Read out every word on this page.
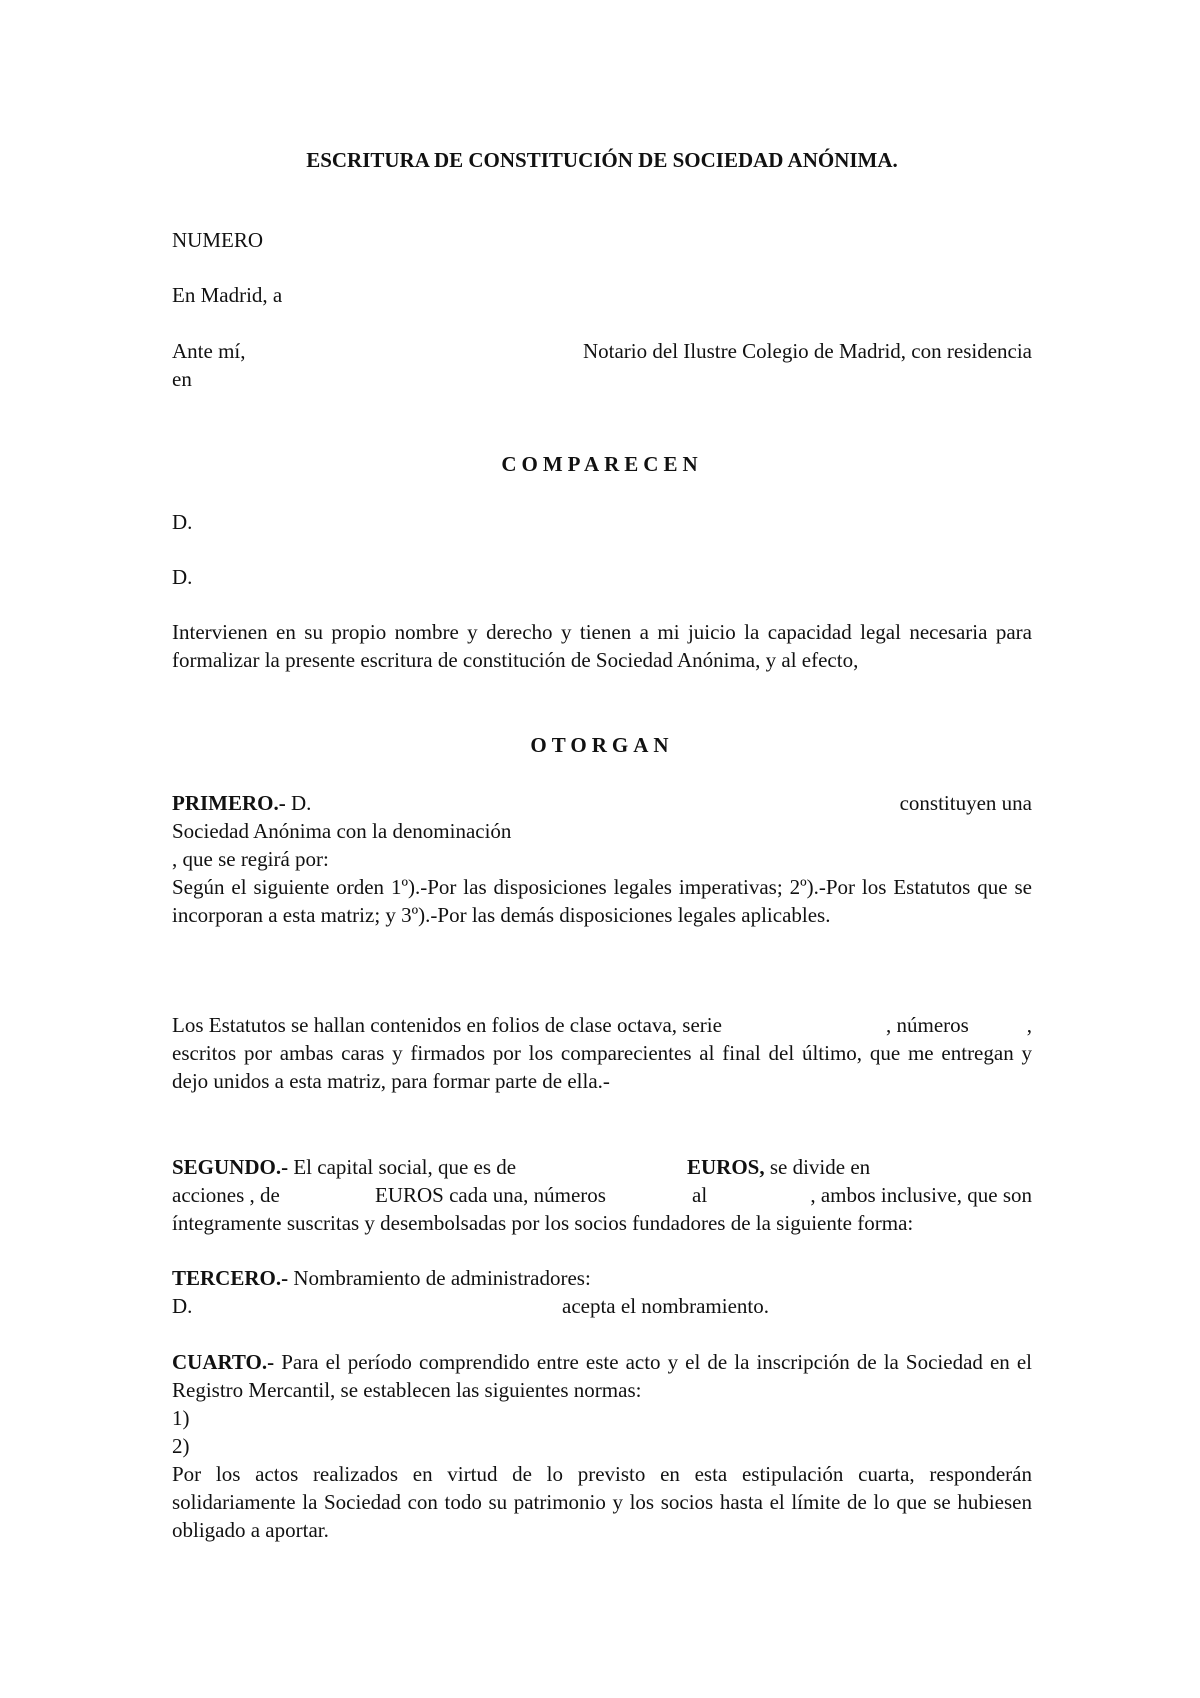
ESCRITURA DE CONSTITUCIÓN DE SOCIEDAD ANÓNIMA.
NUMERO
En Madrid, a
Ante mí,	Notario del Ilustre Colegio de Madrid, con residencia
en
COMPARECEN
D.
D.
Intervienen en su propio nombre y derecho y tienen a mi juicio la capacidad legal necesaria para formalizar la presente escritura de constitución de Sociedad Anónima, y al efecto,
OTORGAN
PRIMERO.- D.	constituyen una
Sociedad Anónima con la denominación
, que se regirá por:
Según el siguiente orden 1º).-Por las disposiciones legales imperativas; 2º).-Por los Estatutos que se incorporan a esta matriz; y 3º).-Por las demás disposiciones legales aplicables.
Los Estatutos se hallan contenidos en folios de clase octava, serie	, números	,
escritos por ambas caras y firmados por los comparecientes al final del último, que me entregan y dejo unidos a esta matriz, para formar parte de ella.-
SEGUNDO.- El capital social, que es de	EUROS, se divide en
acciones , de	EUROS cada una, números	al	, ambos inclusive, que son
íntegramente suscritas y desembolsadas por los socios fundadores de la siguiente forma:
TERCERO.- Nombramiento de administradores:
D.	acepta el nombramiento.
CUARTO.- Para el período comprendido entre este acto y el de la inscripción de la Sociedad en el Registro Mercantil, se establecen las siguientes normas:
1)
2)
Por los actos realizados en virtud de lo previsto en esta estipulación cuarta, responderán solidariamente la Sociedad con todo su patrimonio y los socios hasta el límite de lo que se hubiesen obligado a aportar.
